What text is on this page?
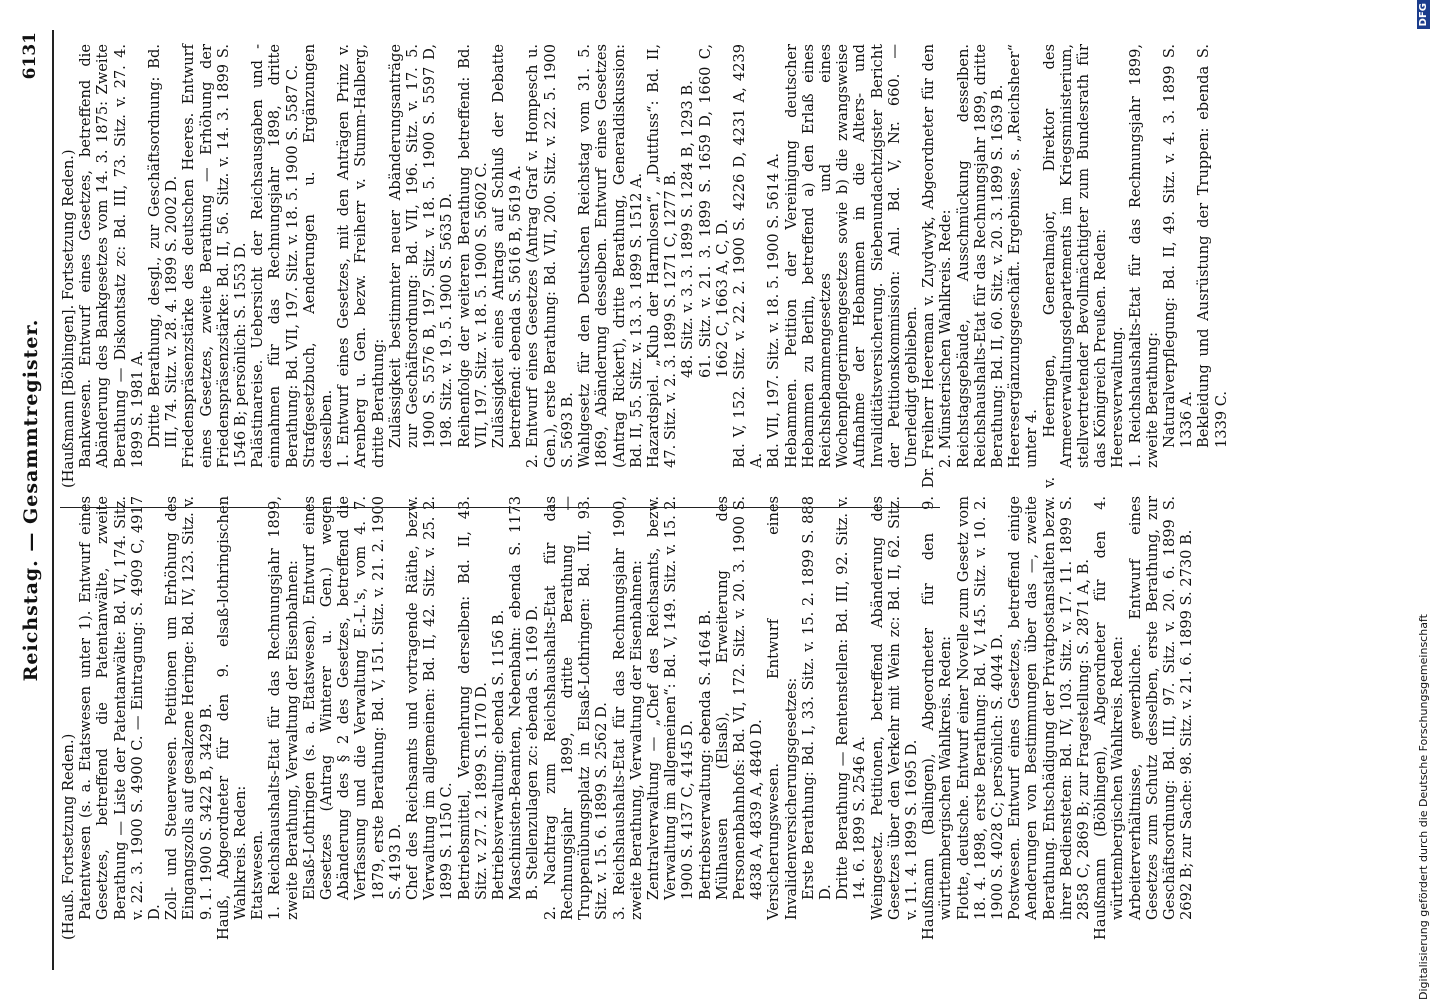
Reichstag. — Gesammtregister.
6131

(Hauß. Fortsetzung Reden.) Patentwesen (s. a. Etatswesen unter 1). Entwurf eines Gesetzes, betreffend die Patentanwälte, zweite Berathung — Liste der Patentanwälte: Bd. VI, 174. Sitz. v. 22. 3. 1900 S. 4900 C. — Eintragung: S. 4909 C, 4917 D. Zoll- und Steuerwesen. Petitionen um Erhöhung des Eingangszolls auf gesalzene Heringe: Bd. IV, 123. Sitz. v. 9. 1. 1900 S. 3422 B, 3429 B. Hauß, Abgeordneter für den 9. elsaß-lothringischen Wahlkreis. Reden: Etatswesen. 1. Reichshaushalts-Etat für das Rechnungsjahr 1899, zweite Berathung, Verwaltung der Eisenbahnen: Elsaß-Lothringen (s. a. Etatswesen). Entwurf eines Gesetzes (Antrag Winterer u. Gen.) wegen Abänderung des § 2 des Gesetzes, betreffend die Verfassung und die Verwaltung E.-L.'s, vom 4. 7. 1879, erste Berathung: Bd. V, 151. Sitz. v. 21. 2. 1900 S. 4193 D. Chef des Reichsamts und vortragende Räthe, bezw. Verwaltung im allgemeinen: Bd. II, 42. Sitz. v. 25. 2. 1899 S. 1150 C. Betriebsmittel, Vermehrung derselben: Bd. II, 43. Sitz. v. 27. 2. 1899 S. 1170 D. Betriebsverwaltung: ebenda S. 1156 B. Maschinisten-Beamten, Nebenbahn: ebenda S. 1173 B. Stellenzulagen zc: ebenda S. 1169 D. 2. Nachtrag zum Reichshaushalts-Etat für das Rechnungsjahr 1899, dritte Berathung — Truppenübungsplatz in Elsaß-Lothringen: Bd. III, 93. Sitz. v. 15. 6. 1899 S. 2562 D. 3. Reichshaushalts-Etat für das Rechnungsjahr 1900, zweite Berathung, Verwaltung der Eisenbahnen: Zentralverwaltung — „Chef des Reichsamts, bezw. Verwaltung im allgemeinen“: Bd. V, 149. Sitz. v. 15. 2. 1900 S. 4137 C, 4145 D. Betriebsverwaltung: ebenda S. 4164 B. Mülhausen (Elsaß), Erweiterung des Personenbahnhofs: Bd. VI, 172. Sitz. v. 20. 3. 1900 S. 4838 A, 4839 A, 4840 D. Versicherungswesen. Entwurf eines Invalidenversicherungsgesetzes: Erste Berathung: Bd. I, 33. Sitz. v. 15. 2. 1899 S. 888 D. Dritte Berathung — Rentenstellen: Bd. III, 92. Sitz. v. 14. 6. 1899 S. 2546 A. Weingesetz. Petitionen, betreffend Abänderung des Gesetzes über den Verkehr mit Wein zc: Bd. II, 62. Sitz. v. 11. 4. 1899 S. 1695 D. Haußmann (Balingen), Abgeordneter für den 9. württembergischen Wahlkreis. Reden: Flotte, deutsche. Entwurf einer Novelle zum Gesetz vom 18. 4. 1898, erste Berathung: Bd. V, 145. Sitz. v. 10. 2. 1900 S. 4028 C; persönlich: S. 4044 D. Postwesen. Entwurf eines Gesetzes, betreffend einige Aenderungen von Bestimmungen über das —, zweite Berathung. Entschädigung der Privatpostanstalten bezw. ihrer Bediensteten: Bd. IV, 103. Sitz. v. 17. 11. 1899 S. 2858 C, 2869 B; zur Fragestellung: S. 2871 A, B. Haußmann (Böblingen), Abgeordneter für den 4. württembergischen Wahlkreis. Reden: Arbeiterverhältnisse, gewerbliche. Entwurf eines Gesetzes zum Schutz desselben, erste Berathung, zur Geschäftsordnung: Bd. III, 97. Sitz. v. 20. 6. 1899 S. 2692 B; zur Sache: 98. Sitz. v. 21. 6. 1899 S. 2730 B.

(Haußmann [Böblingen]. Fortsetzung Reden.) Bankwesen. Entwurf eines Gesetzes, betreffend die Abänderung des Bankgesetzes vom 14. 3. 1875: Zweite Berathung — Diskontsatz zc: Bd. III, 73. Sitz. v. 27. 4. 1899 S. 1981 A. Dritte Berathung, desgl., zur Geschäftsordnung: Bd. III, 74. Sitz. v. 28. 4. 1899 S. 2002 D. Friedenspräsenzstärke des deutschen Heeres. Entwurf eines Gesetzes, zweite Berathung — Erhöhung der Friedenspräsenzstärke: Bd. II, 56. Sitz. v. 14. 3. 1899 S. 1546 B; persönlich: S. 1553 D. Palästinareise. Uebersicht der Reichsausgaben und -einnahmen für das Rechnungsjahr 1898, dritte Berathung: Bd. VII, 197. Sitz. v. 18. 5. 1900 S. 5587 C. Strafgesetzbuch, Aenderungen u. Ergänzungen desselben. 1. Entwurf eines Gesetzes, mit den Anträgen Prinz v. Arenberg u. Gen. bezw. Freiherr v. Stumm-Halberg, dritte Berathung: Zulässigkeit bestimmter neuer Abänderungsanträge zur Geschäftsordnung: Bd. VII, 196. Sitz. v. 17. 5. 1900 S. 5576 B, 197. Sitz. v. 18. 5. 1900 S. 5597 D, 198. Sitz. v. 19. 5. 1900 S. 5635 D. Reihenfolge der weiteren Berathung betreffend: Bd. VII, 197. Sitz. v. 18. 5. 1900 S. 5602 C. Zulässigkeit eines Antrags auf Schluß der Debatte betreffend: ebenda S. 5616 B, 5619 A. 2. Entwurf eines Gesetzes (Antrag Graf v. Hompesch u. Gen.), erste Berathung: Bd. VII, 200. Sitz. v. 22. 5. 1900 S. 5693 B. Wahlgesetz für den Deutschen Reichstag vom 31. 5. 1869, Abänderung desselben. Entwurf eines Gesetzes (Antrag Rickert), dritte Berathung, Generaldiskussion: Bd. II, 55. Sitz. v. 13. 3. 1899 S. 1512 A. Hazardspiel. „Klub der Harmlosen“, „Duttfuss“: Bd. II, 47. Sitz. v. 2. 3. 1899 S. 1271 C, 1277 B. 48. Sitz. v. 3. 3. 1899 S. 1284 B, 1293 B. 61. Sitz. v. 21. 3. 1899 S. 1659 D, 1660 C, 1662 C, 1663 A, C, D. Bd. V, 152. Sitz. v. 22. 2. 1900 S. 4226 D, 4231 A, 4239 A. Bd. VII, 197. Sitz. v. 18. 5. 1900 S. 5614 A. Hebammen. Petition der Vereinigung deutscher Hebammen zu Berlin, betreffend a) den Erlaß eines Reichshebammengesetzes und eines Wochenpflegerinnengesetzes sowie b) die zwangsweise Aufnahme der Hebammen in die Alters- und Invaliditätsversicherung. Siebenundachtzigster Bericht der Petitionskommission: Anl. Bd. V, Nr. 660. — Unerledigt geblieben. Dr. Freiherr Heereman v. Zuydwyk, Abgeordneter für den 2. Münsterischen Wahlkreis. Rede: Reichstagsgebäude, Ausschmückung desselben. Reichshaushalts-Etat für das Rechnungsjahr 1899, dritte Berathung: Bd. II, 60. Sitz. v. 20. 3. 1899 S. 1639 B. Heeresergänzungsgeschäft. Ergebnisse, s. „Reichsheer“ unter 4. v. Heeringen, Generalmajor, Direktor des Armeeverwaltungsdepartements im Kriegsministerium, stellvertretender Bevollmächtigter zum Bundesrath für das Königreich Preußen. Reden: Heeresverwaltung. 1. Reichshaushalts-Etat für das Rechnungsjahr 1899, zweite Berathung: Naturalverpflegung: Bd. II, 49. Sitz. v. 4. 3. 1899 S. 1336 A. Bekleidung und Ausrüstung der Truppen: ebenda S. 1339 C.

Digitalisierung gefördert durch die Deutsche Forschungsgemeinschaft
DFG
